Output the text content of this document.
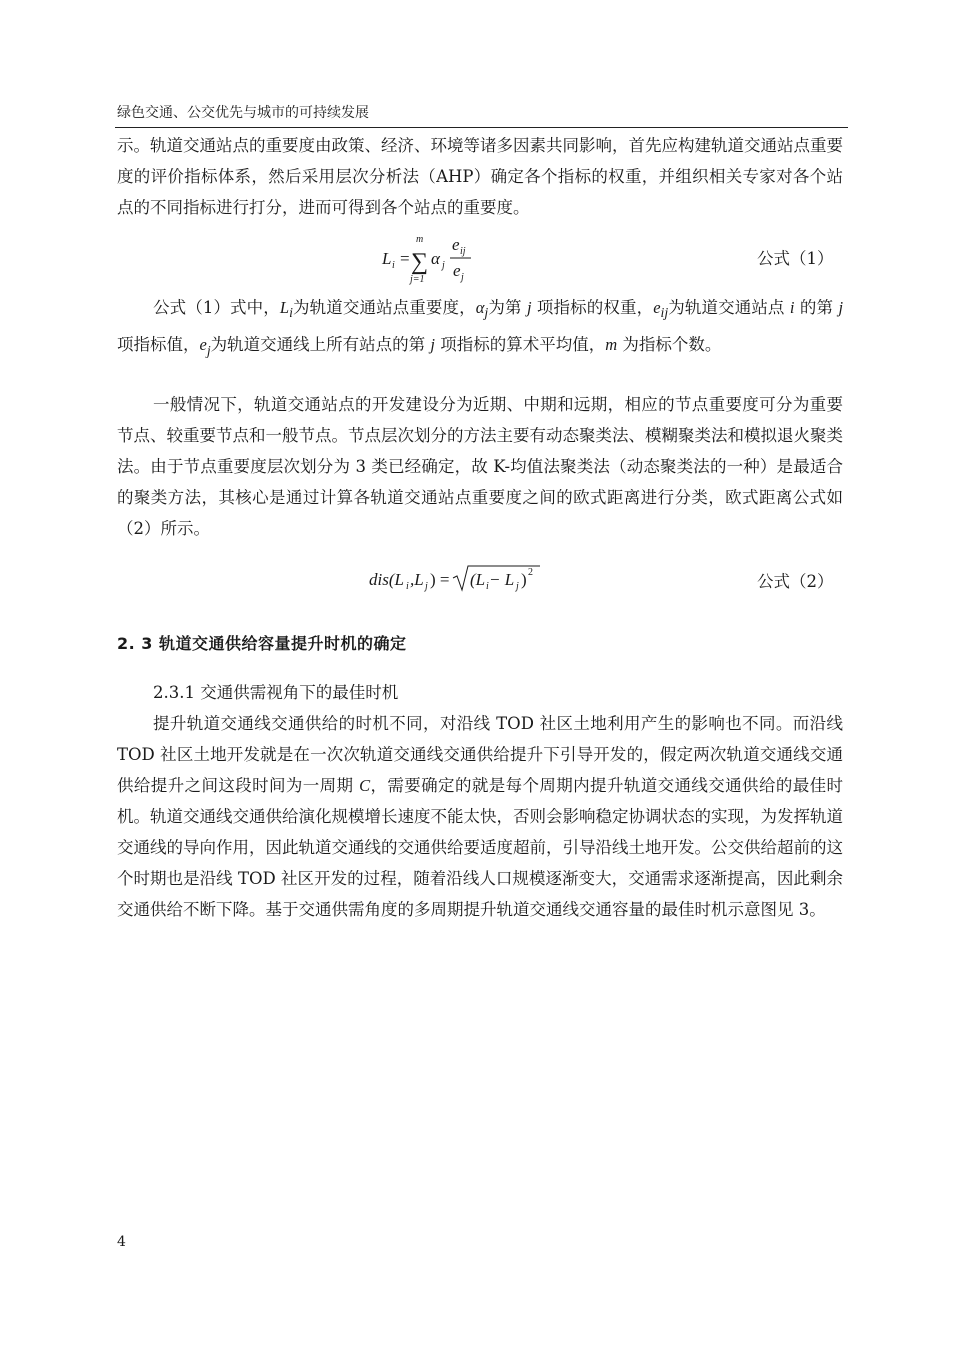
绿色交通、公交优先与城市的可持续发展
示。轨道交通站点的重要度由政策、经济、环境等诸多因素共同影响，首先应构建轨道交通站点重要度的评价指标体系，然后采用层次分析法（AHP）确定各个指标的权重，并组织相关专家对各个站点的不同指标进行打分，进而可得到各个站点的重要度。
L i =
m
∑
j=1
α j
e ij
e j
公式（1）
公式（1）式中，$L_i$为轨道交通站点重要度，$\alpha_j$为第 j 项指标的权重，$e_{ij}$为轨道交通站点 i 的第 j 项指标值，$e_j$为轨道交通线上所有站点的第 j 项指标的算术平均值，m 为指标个数。
一般情况下，轨道交通站点的开发建设分为近期、中期和远期，相应的节点重要度可分为重要节点、较重要节点和一般节点。节点层次划分的方法主要有动态聚类法、模糊聚类法和模拟退火聚类法。由于节点重要度层次划分为 3 类已经确定，故 K-均值法聚类法（动态聚类法的一种）是最适合的聚类方法，其核心是通过计算各轨道交通站点重要度之间的欧式距离进行分类，欧式距离公式如（2）所示。
dis(L i ,L j ) = (L i − L j ) 2	公式（2）
2. 3 轨道交通供给容量提升时机的确定
2.3.1 交通供需视角下的最佳时机
提升轨道交通线交通供给的时机不同，对沿线 TOD 社区土地利用产生的影响也不同。而沿线 TOD 社区土地开发就是在一次次轨道交通线交通供给提升下引导开发的，假定两次轨道交通线交通供给提升之间这段时间为一周期 C，需要确定的就是每个周期内提升轨道交通线交通供给的最佳时机。轨道交通线交通供给演化规模增长速度不能太快，否则会影响稳定协调状态的实现，为发挥轨道交通线的导向作用，因此轨道交通线的交通供给要适度超前，引导沿线土地开发。公交供给超前的这个时期也是沿线 TOD 社区开发的过程，随着沿线人口规模逐渐变大，交通需求逐渐提高，因此剩余交通供给不断下降。基于交通供需角度的多周期提升轨道交通线交通容量的最佳时机示意图见 3。
4
